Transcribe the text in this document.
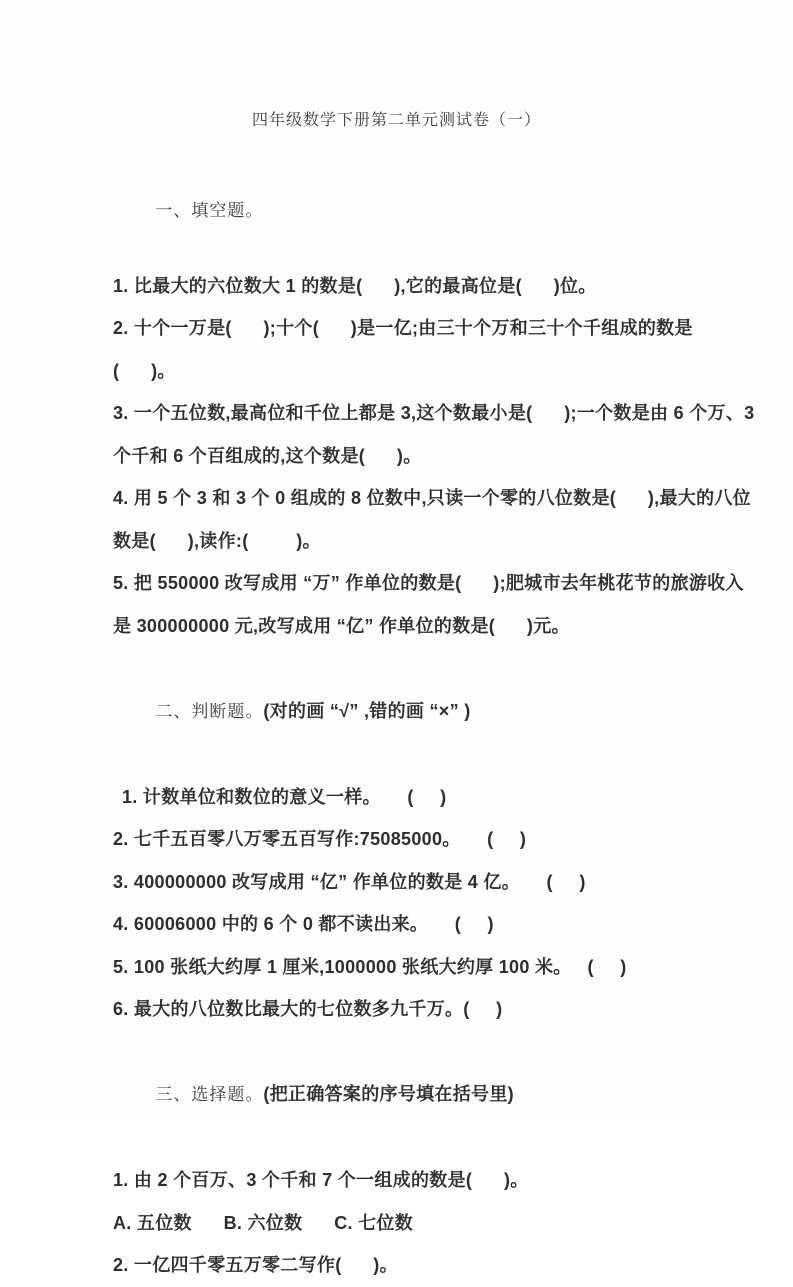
四年级数学下册第二单元测试卷（一）

一、填空题。

1. 比最大的六位数大 1 的数是(      ),它的最高位是(      )位。
2. 十个一万是(      );十个(      )是一亿;由三十个万和三十个千组成的数是
(      )。
3. 一个五位数,最高位和千位上都是 3,这个数最小是(      );一个数是由 6 个万、3
个千和 6 个百组成的,这个数是(      )。
4. 用 5 个 3 和 3 个 0 组成的 8 位数中,只读一个零的八位数是(      ),最大的八位
数是(      ),读作:(         )。
5. 把 550000 改写成用 “万” 作单位的数是(      );肥城市去年桃花节的旅游收入
是 300000000 元,改写成用 “亿” 作单位的数是(      )元。

二、判断题。(对的画 “√” ,错的画 “×” )

1. 计数单位和数位的意义一样。     (     )
2. 七千五百零八万零五百写作:75085000。     (     )
3. 400000000 改写成用 “亿” 作单位的数是 4 亿。     (     )
4. 60006000 中的 6 个 0 都不读出来。     (     )
5. 100 张纸大约厚 1 厘米,1000000 张纸大约厚 100 米。   (     )
6. 最大的八位数比最大的七位数多九千万。(     )

三、选择题。(把正确答案的序号填在括号里)

1. 由 2 个百万、3 个千和 7 个一组成的数是(      )。
A. 五位数      B. 六位数      C. 七位数
2. 一亿四千零五万零二写作(      )。
